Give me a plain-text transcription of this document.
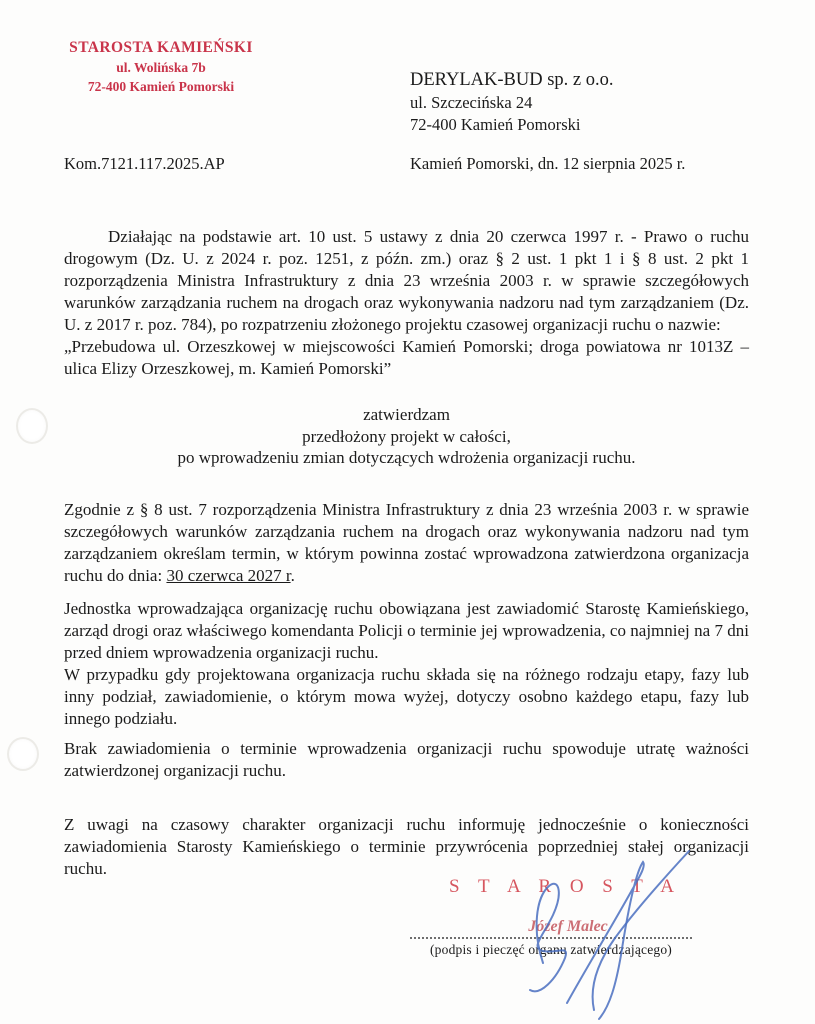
STAROSTA KAMIEŃSKI
ul. Wolińska 7b
72-400 Kamień Pomorski	DERYLAK-BUD sp. z o.o.
ul. Szczecińska 24
72-400 Kamień Pomorski
Kom.7121.117.2025.AP	Kamień Pomorski, dn. 12 sierpnia 2025 r.
Działając na podstawie art. 10 ust. 5 ustawy z dnia 20 czerwca 1997 r. - Prawo o ruchu drogowym (Dz. U. z 2024 r. poz. 1251, z późn. zm.) oraz § 2 ust. 1 pkt 1 i § 8 ust. 2 pkt 1 rozporządzenia Ministra Infrastruktury z dnia 23 września 2003 r. w sprawie szczegółowych warunków zarządzania ruchem na drogach oraz wykonywania nadzoru nad tym zarządzaniem (Dz. U. z 2017 r. poz. 784), po rozpatrzeniu złożonego projektu czasowej organizacji ruchu o nazwie:
„Przebudowa ul. Orzeszkowej w miejscowości Kamień Pomorski; droga powiatowa nr 1013Z – ulica Elizy Orzeszkowej, m. Kamień Pomorski”
zatwierdzam
przedłożony projekt w całości,
po wprowadzeniu zmian dotyczących wdrożenia organizacji ruchu.
Zgodnie z § 8 ust. 7 rozporządzenia Ministra Infrastruktury z dnia 23 września 2003 r. w sprawie szczegółowych warunków zarządzania ruchem na drogach oraz wykonywania nadzoru nad tym zarządzaniem określam termin, w którym powinna zostać wprowadzona zatwierdzona organizacja ruchu do dnia: 30 czerwca 2027 r.

Jednostka wprowadzająca organizację ruchu obowiązana jest zawiadomić Starostę Kamieńskiego, zarząd drogi oraz właściwego komendanta Policji o terminie jej wprowadzenia, co najmniej na 7 dni przed dniem wprowadzenia organizacji ruchu.

W przypadku gdy projektowana organizacja ruchu składa się na różnego rodzaju etapy, fazy lub inny podział, zawiadomienie, o którym mowa wyżej, dotyczy osobno każdego etapu, fazy lub innego podziału.

Brak zawiadomienia o terminie wprowadzenia organizacji ruchu spowoduje utratę ważności zatwierdzonej organizacji ruchu.
Z uwagi na czasowy charakter organizacji ruchu informuję jednocześnie o konieczności zawiadomienia Starosty Kamieńskiego o terminie przywrócenia poprzedniej stałej organizacji ruchu.
S T A R O S T A
Józef Malec
(podpis i pieczęć organu zatwierdzającego)
